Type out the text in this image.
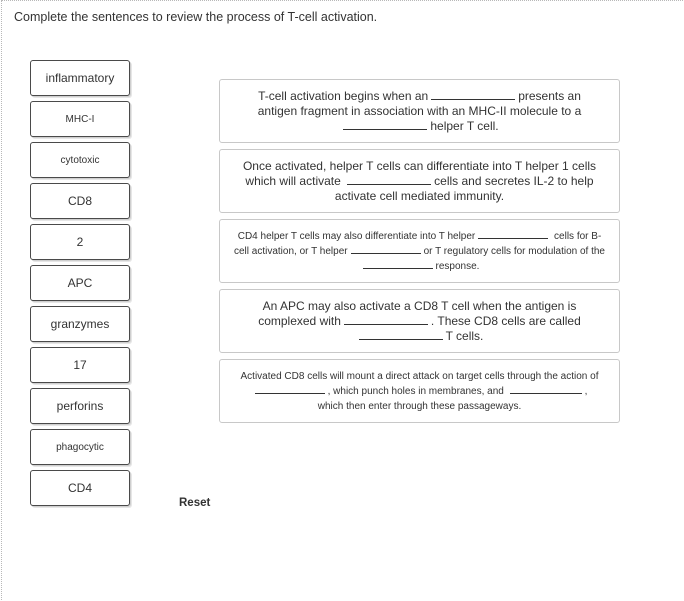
Complete the sentences to review the process of T-cell activation.

inflammatory
MHC-I
cytotoxic
CD8
2
APC
granzymes
17
perforins
phagocytic
CD4
Reset

T-cell activation begins when an	presents an antigen fragment in association with an MHC-II molecule to a helper T cell.

Once activated, helper T cells can differentiate into T helper 1 cells which will activate	cells and secretes IL-2 to help activate cell mediated immunity.

CD4 helper T cells may also differentiate into T helper	cells for B-cell activation, or T helper	or T regulatory cells for modulation of theresponse.

An APC may also activate a CD8 T cell when the antigen is complexed with	. These CD8 cells are called T cells.

Activated CD8 cells will mount a direct attack on target cells through the action of, which punch holes in membranes, and	, which then enter through these passageways.
